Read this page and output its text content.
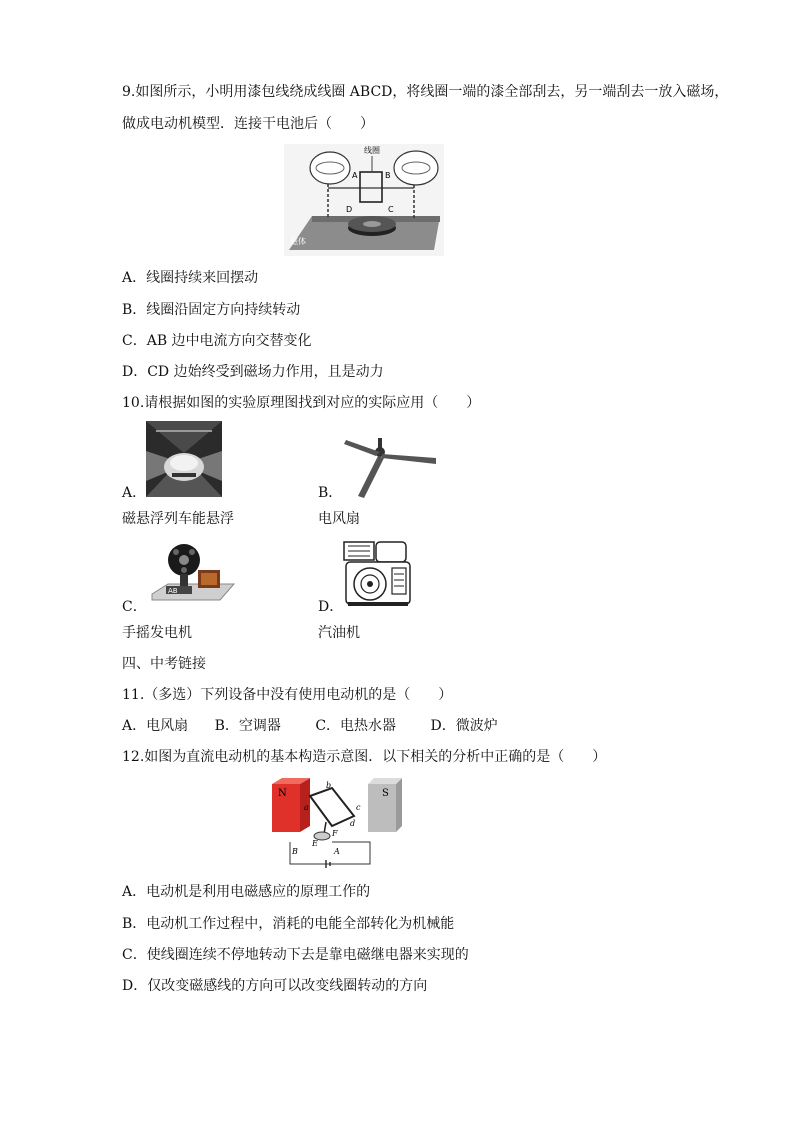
9.如图所示，小明用漆包线绕成线圈 ABCD，将线圈一端的漆全部刮去，另一端刮去一放入磁场，
做成电动机模型．连接干电池后（　　）
线圈
A	B
D	C
磁体
A．线圈持续来回摆动
B．线圈沿固定方向持续转动
C．AB 边中电流方向交替变化
D．CD 边始终受到磁场力作用，且是动力
10.请根据如图的实验原理图找到对应的实际应用（　　）
A．
磁悬浮列车能悬浮
B．
电风扇
AB
C．
手摇发电机
D．
汽油机
四、中考链接
11.（多选）下列设备中没有使用电动机的是（　　）
A．电风扇 B．空调器 C．电热水器 D．微波炉
12.如图为直流电动机的基本构造示意图．以下相关的分析中正确的是（　　）
N	S
a
b
c
d
E
F
B	A
A．电动机是利用电磁感应的原理工作的
B．电动机工作过程中，消耗的电能全部转化为机械能
C．使线圈连续不停地转动下去是靠电磁继电器来实现的
D．仅改变磁感线的方向可以改变线圈转动的方向
